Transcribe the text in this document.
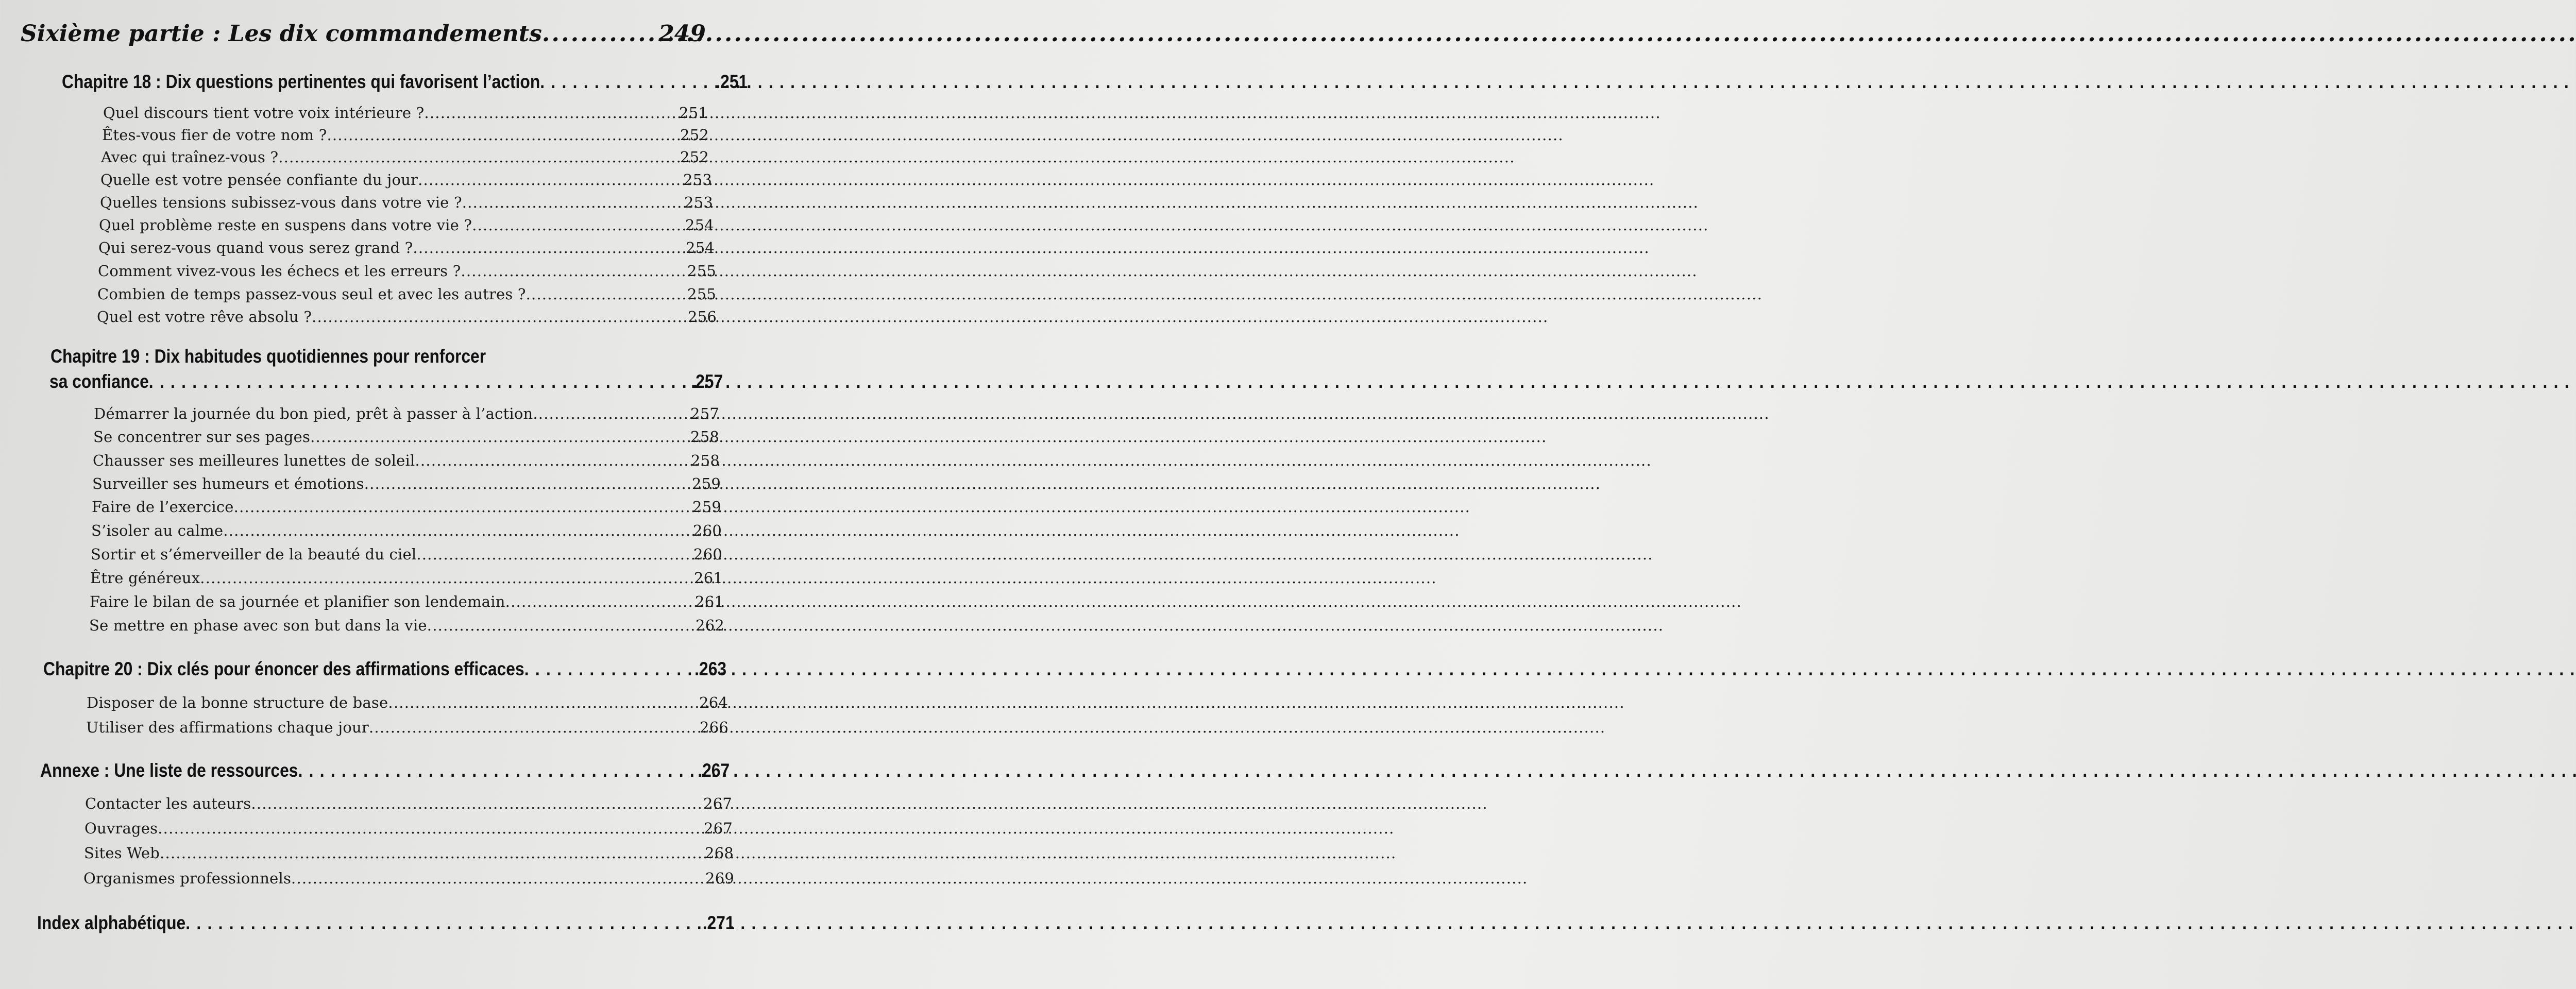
Sixième partie : Les dix commandements . . .	249
Chapitre 18 : Dix questions pertinentes qui favorisent l’action . . .	.251
Quel discours tient votre voix intérieure ? . . .	251
Êtes-vous fier de votre nom ? . . .	252
Avec qui traînez-vous ? . . .	252
Quelle est votre pensée confiante du jour . . .	253
Quelles tensions subissez-vous dans votre vie ? . . .	253
Quel problème reste en suspens dans votre vie ? . . .	254
Qui serez-vous quand vous serez grand ? . . .	254
Comment vivez-vous les échecs et les erreurs ? . . .	255
Combien de temps passez-vous seul et avec les autres ? . . .	255
Quel est votre rêve absolu ? . . .	256
Chapitre 19 : Dix habitudes quotidiennes pour renforcer
sa confiance . . .	.257
Démarrer la journée du bon pied, prêt à passer à l’action . . .	257
Se concentrer sur ses pages . . .	258
Chausser ses meilleures lunettes de soleil . . .	258
Surveiller ses humeurs et émotions . . .	259
Faire de l’exercice . . .	259
S’isoler au calme . . .	260
Sortir et s’émerveiller de la beauté du ciel . . .	260
Être généreux . . .	261
Faire le bilan de sa journée et planifier son lendemain . . .	261
Se mettre en phase avec son but dans la vie . . .	262
Chapitre 20 : Dix clés pour énoncer des affirmations efficaces . . .	.263
Disposer de la bonne structure de base . . .	264
Utiliser des affirmations chaque jour . . .	266
Annexe : Une liste de ressources . . .	.267
Contacter les auteurs . . .	267
Ouvrages . . .	267
Sites Web . . .	268
Organismes professionnels . . .	269
Index alphabétique . . .	.271
